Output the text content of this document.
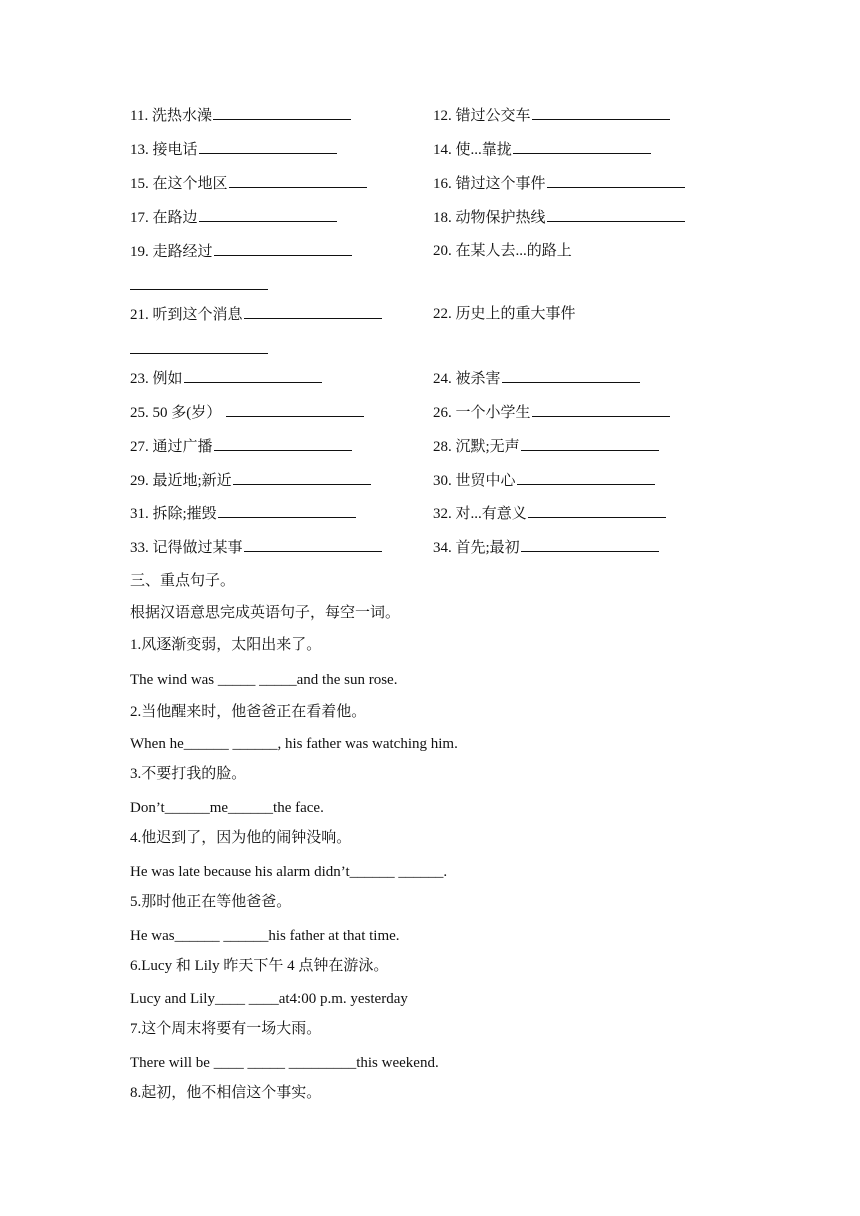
11. 洗热水澡	12. 错过公交车
13. 接电话	14. 使...靠拢
15. 在这个地区	16. 错过这个事件
17. 在路边	18. 动物保护热线
19. 走路经过	20. 在某人去...的路上
21. 听到这个消息	22. 历史上的重大事件
23. 例如	24. 被杀害
25. 50 多(岁）	26. 一个小学生
27. 通过广播	28. 沉默;无声
29. 最近地;新近	30. 世贸中心
31. 拆除;摧毁	32. 对...有意义
33. 记得做过某事	34. 首先;最初
三、重点句子。
根据汉语意思完成英语句子，每空一词。
1.风逐渐变弱，太阳出来了。
The wind was _____ _____and the sun rose.
2.当他醒来时，他爸爸正在看着他。
When he______ ______, his father was watching him.
3.不要打我的脸。
Don’t______me______the face.
4.他迟到了，因为他的闹钟没响。
He was late because his alarm didn’t______ ______.
5.那时他正在等他爸爸。
He was______ ______his father at that time.
6.Lucy 和 Lily 昨天下午 4 点钟在游泳。
Lucy and Lily____ ____at4:00 p.m. yesterday
7.这个周末将要有一场大雨。
There will be ____ _____ _________this weekend.
8.起初，他不相信这个事实。
